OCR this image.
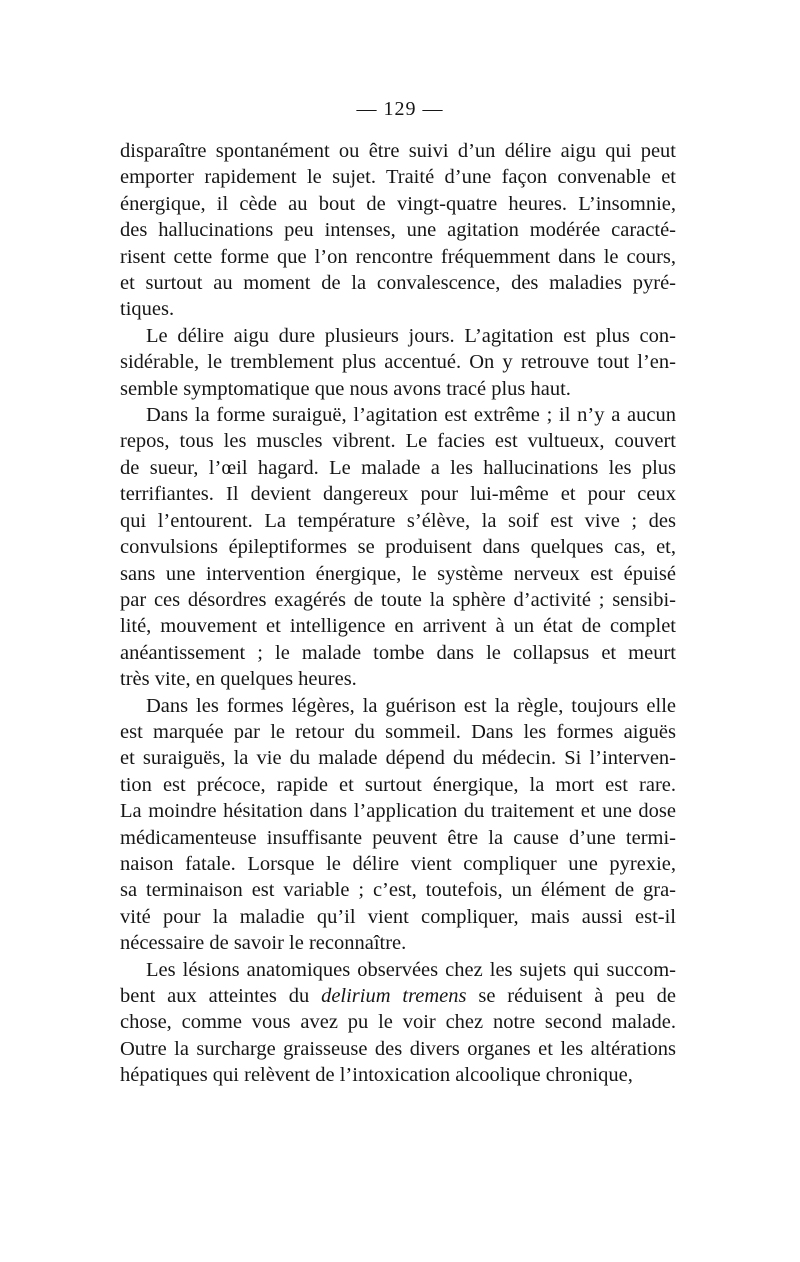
— 129 —
disparaître spontanément ou être suivi d’un délire aigu qui peut
emporter rapidement le sujet. Traité d’une façon convenable et
énergique, il cède au bout de vingt-quatre heures. L’insomnie,
des hallucinations peu intenses, une agitation modérée caracté-
risent cette forme que l’on rencontre fréquemment dans le cours,
et surtout au moment de la convalescence, des maladies pyré-
tiques.
Le délire aigu dure plusieurs jours. L’agitation est plus con-
sidérable, le tremblement plus accentué. On y retrouve tout l’en-
semble symptomatique que nous avons tracé plus haut.
Dans la forme suraiguë, l’agitation est extrême ; il n’y a aucun
repos, tous les muscles vibrent. Le facies est vultueux, couvert
de sueur, l’œil hagard. Le malade a les hallucinations les plus
terrifiantes. Il devient dangereux pour lui-même et pour ceux
qui l’entourent. La température s’élève, la soif est vive ; des
convulsions épileptiformes se produisent dans quelques cas, et,
sans une intervention énergique, le système nerveux est épuisé
par ces désordres exagérés de toute la sphère d’activité ; sensibi-
lité, mouvement et intelligence en arrivent à un état de complet
anéantissement ; le malade tombe dans le collapsus et meurt
très vite, en quelques heures.
Dans les formes légères, la guérison est la règle, toujours elle
est marquée par le retour du sommeil. Dans les formes aiguës
et suraiguës, la vie du malade dépend du médecin. Si l’interven-
tion est précoce, rapide et surtout énergique, la mort est rare.
La moindre hésitation dans l’application du traitement et une dose
médicamenteuse insuffisante peuvent être la cause d’une termi-
naison fatale. Lorsque le délire vient compliquer une pyrexie,
sa terminaison est variable ; c’est, toutefois, un élément de gra-
vité pour la maladie qu’il vient compliquer, mais aussi est-il
nécessaire de savoir le reconnaître.
Les lésions anatomiques observées chez les sujets qui succom-
bent aux atteintes du delirium tremens se réduisent à peu de
chose, comme vous avez pu le voir chez notre second malade.
Outre la surcharge graisseuse des divers organes et les altérations
hépatiques qui relèvent de l’intoxication alcoolique chronique,
